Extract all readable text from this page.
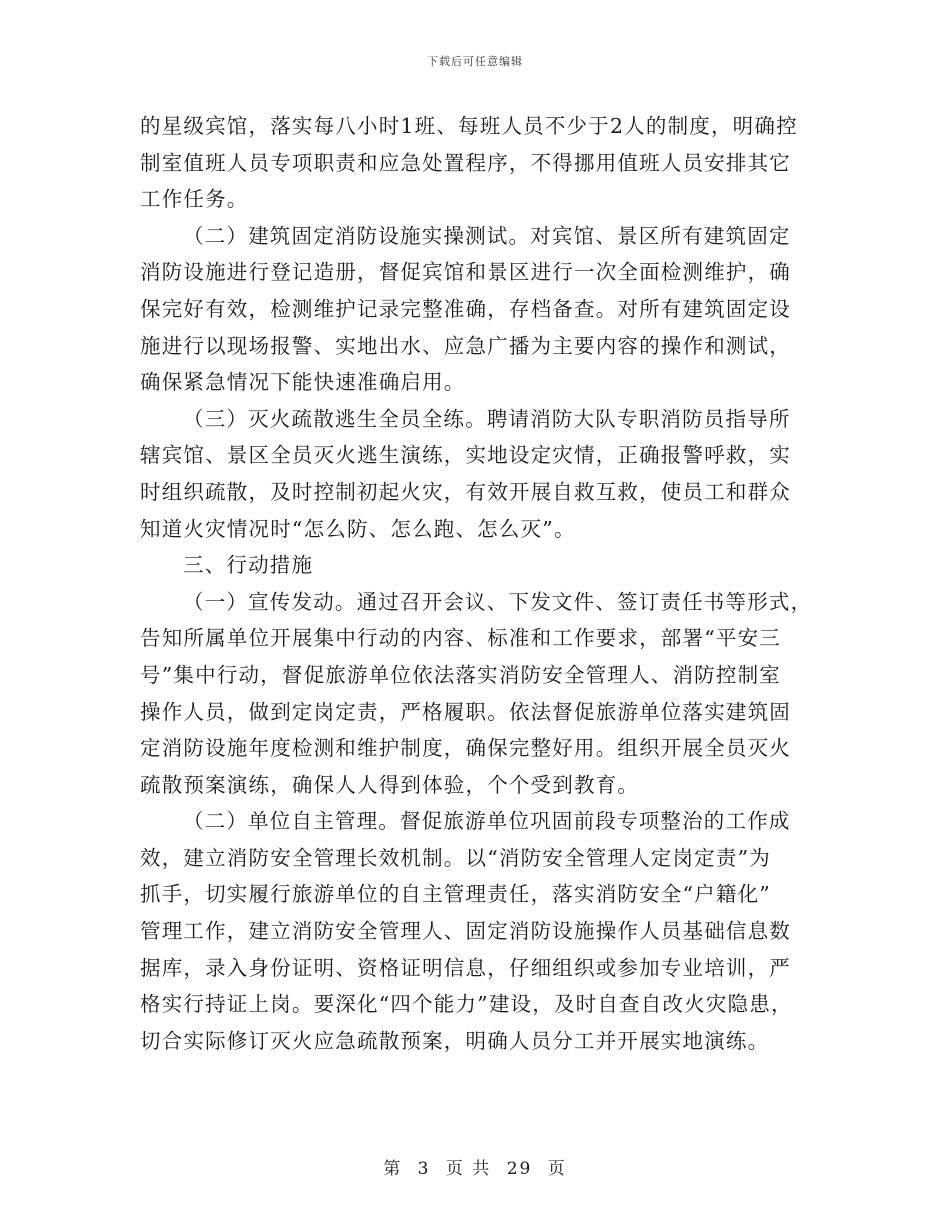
下载后可任意编辑
的星级宾馆，落实每八小时1班、每班人员不少于2人的制度，明确控
制室值班人员专项职责和应急处置程序，不得挪用值班人员安排其它
工作任务。
（二）建筑固定消防设施实操测试。对宾馆、景区所有建筑固定
消防设施进行登记造册，督促宾馆和景区进行一次全面检测维护，确
保完好有效，检测维护记录完整准确，存档备查。对所有建筑固定设
施进行以现场报警、实地出水、应急广播为主要内容的操作和测试，
确保紧急情况下能快速准确启用。
（三）灭火疏散逃生全员全练。聘请消防大队专职消防员指导所
辖宾馆、景区全员灭火逃生演练，实地设定灾情，正确报警呼救，实
时组织疏散，及时控制初起火灾，有效开展自救互救，使员工和群众
知道火灾情况时“怎么防、怎么跑、怎么灭”。
三、行动措施
（一）宣传发动。通过召开会议、下发文件、签订责任书等形式，
告知所属单位开展集中行动的内容、标准和工作要求，部署“平安三
号”集中行动，督促旅游单位依法落实消防安全管理人、消防控制室
操作人员，做到定岗定责，严格履职。依法督促旅游单位落实建筑固
定消防设施年度检测和维护制度，确保完整好用。组织开展全员灭火
疏散预案演练，确保人人得到体验，个个受到教育。
（二）单位自主管理。督促旅游单位巩固前段专项整治的工作成
效，建立消防安全管理长效机制。以“消防安全管理人定岗定责”为
抓手，切实履行旅游单位的自主管理责任，落实消防安全“户籍化”
管理工作，建立消防安全管理人、固定消防设施操作人员基础信息数
据库，录入身份证明、资格证明信息，仔细组织或参加专业培训，严
格实行持证上岗。要深化“四个能力”建设，及时自查自改火灾隐患，
切合实际修订灭火应急疏散预案，明确人员分工并开展实地演练。
第 3 页 共 29 页
